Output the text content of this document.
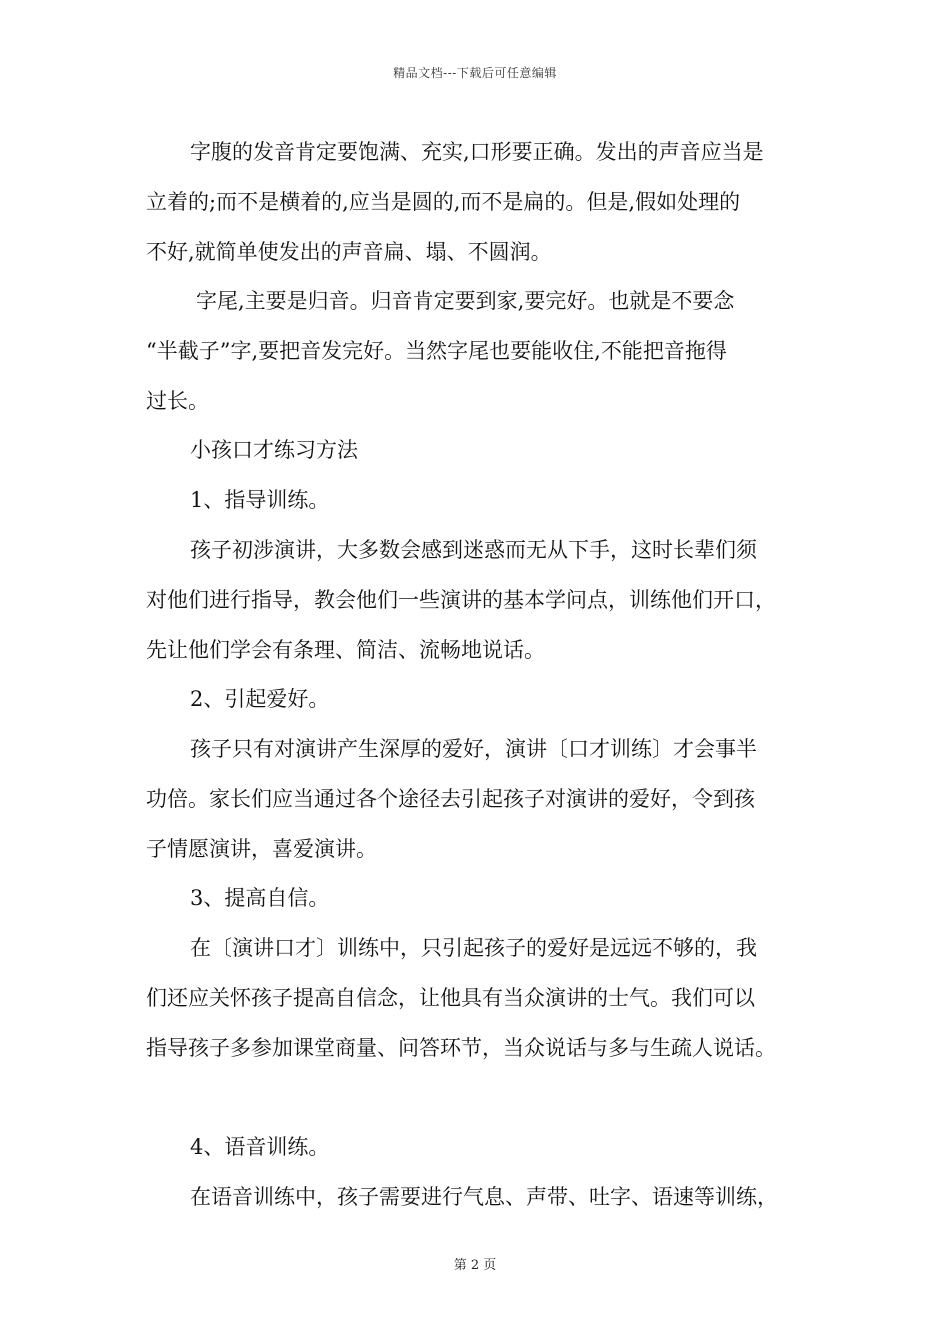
精品文档---下载后可任意编辑
字腹的发音肯定要饱满、充实,口形要正确。发出的声音应当是
立着的;而不是横着的,应当是圆的,而不是扁的。但是,假如处理的
不好,就简单使发出的声音扁、塌、不圆润。
字尾,主要是归音。归音肯定要到家,要完好。也就是不要念
“半截子”字,要把音发完好。当然字尾也要能收住,不能把音拖得
过长。
小孩口才练习方法
1、指导训练。
孩子初涉演讲，大多数会感到迷惑而无从下手，这时长辈们须
对他们进行指导，教会他们一些演讲的基本学问点，训练他们开口，
先让他们学会有条理、简洁、流畅地说话。
2、引起爱好。
孩子只有对演讲产生深厚的爱好，演讲〔口才训练〕才会事半
功倍。家长们应当通过各个途径去引起孩子对演讲的爱好，令到孩
子情愿演讲，喜爱演讲。
3、提高自信。
在〔演讲口才〕训练中，只引起孩子的爱好是远远不够的，我
们还应关怀孩子提高自信念，让他具有当众演讲的士气。我们可以
指导孩子多参加课堂商量、问答环节，当众说话与多与生疏人说话。
4、语音训练。
在语音训练中，孩子需要进行气息、声带、吐字、语速等训练，
第 2 页
